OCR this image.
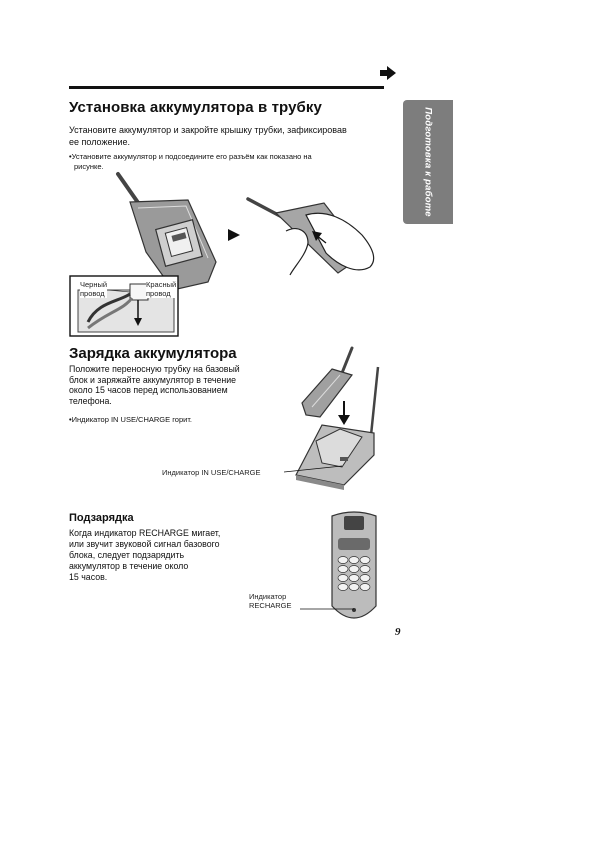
Подготовка к работе
Установка аккумулятора в трубку
Установите аккумулятор и закройте крышку трубки, зафиксировав
ее положение.
•Установите аккумулятор и подсоедините его разъём как показано на
рисунке.
Черный
провод
Красный
провод
Зарядка аккумулятора
Положите переносную трубку на базовый
блок и заряжайте аккумулятор в течение
около 15 часов перед использованием
телефона.
•Индикатор IN USE/CHARGE горит.
Индикатор IN USE/CHARGE
Подзарядка
Когда индикатор RECHARGE мигает,
или звучит звуковой сигнал базового
блока, следует подзарядить
аккумулятор в течение около
15 часов.
Индикатор
RECHARGE
9
